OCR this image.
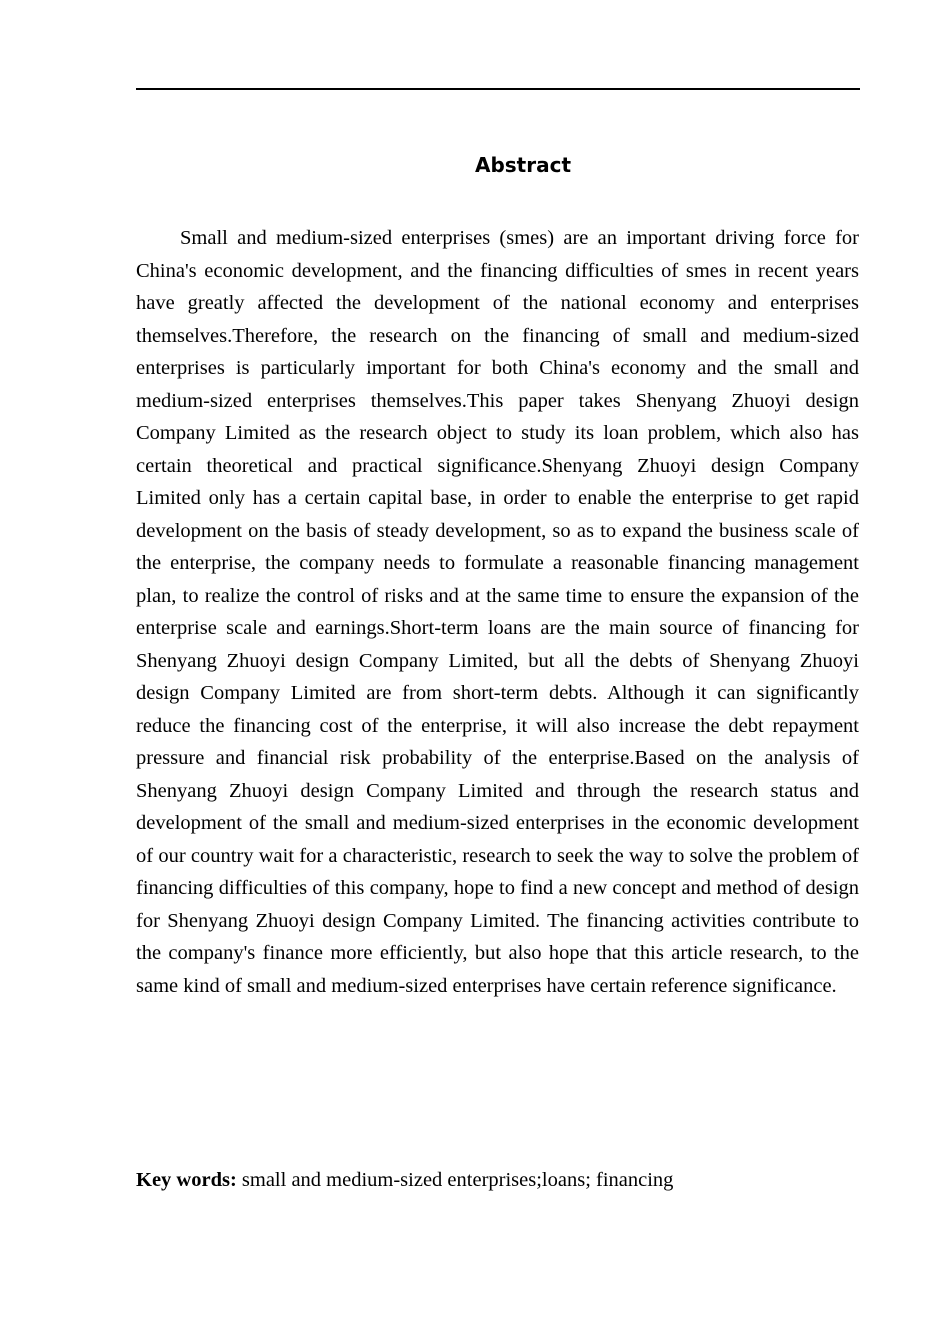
Abstract

Small and medium-sized enterprises (smes) are an important driving force for China's economic development, and the financing difficulties of smes in recent years have greatly affected the development of the national economy and enterprises themselves.Therefore, the research on the financing of small and medium-sized enterprises is particularly important for both China's economy and the small and medium-sized enterprises themselves.This paper takes Shenyang Zhuoyi design Company Limited as the research object to study its loan problem, which also has certain theoretical and practical significance.Shenyang Zhuoyi design Company Limited only has a certain capital base, in order to enable the enterprise to get rapid development on the basis of steady development, so as to expand the business scale of the enterprise, the company needs to formulate a reasonable financing management plan, to realize the control of risks and at the same time to ensure the expansion of the enterprise scale and earnings.Short-term loans are the main source of financing for Shenyang Zhuoyi design Company Limited, but all the debts of Shenyang Zhuoyi design Company Limited are from short-term debts. Although it can significantly reduce the financing cost of the enterprise, it will also increase the debt repayment pressure and financial risk probability of the enterprise.Based on the analysis of Shenyang Zhuoyi design Company Limited and through the research status and development of the small and medium-sized enterprises in the economic development of our country wait for a characteristic, research to seek the way to solve the problem of financing difficulties of this company, hope to find a new concept and method of design for Shenyang Zhuoyi design Company Limited. The financing activities contribute to the company's finance more efficiently, but also hope that this article research, to the same kind of small and medium-sized enterprises have certain reference significance.

Key words: small and medium-sized enterprises;loans; financing
